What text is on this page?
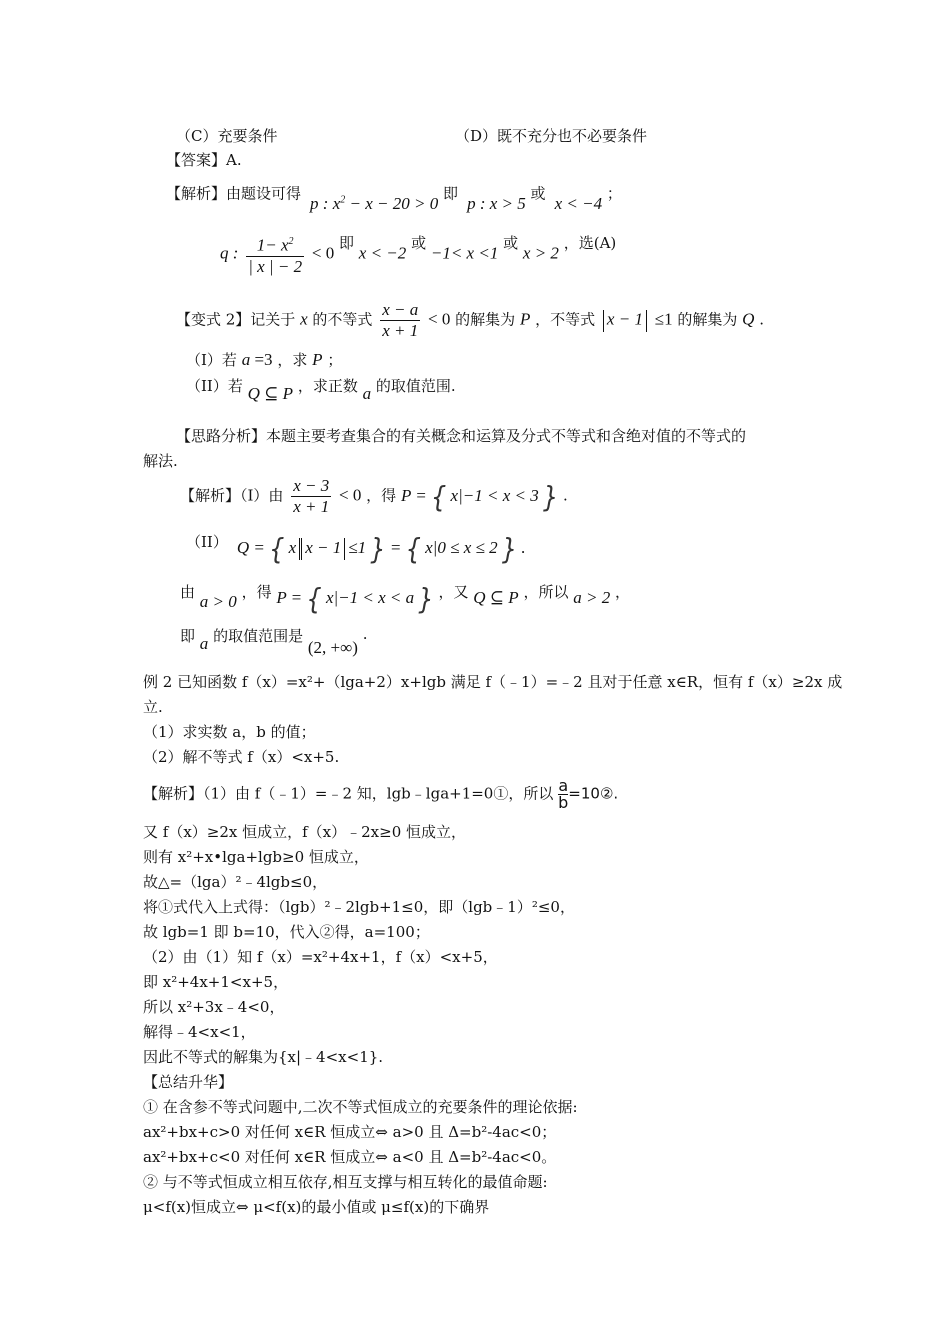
（C）充要条件	（D）既不充分也不必要条件
【答案】A.
【解析】由题设可得  p : $x^2 - x - 20 > 0$ 即  p : x > 5 或  x < −4 ；
q : $\frac{1- x^2}{| x | - 2} < 0$ 即 x < −2 或 −1< x <1 或 x > 2 ，选(A)
【变式 2】记关于 x 的不等式 $\frac{x - a}{x + 1} < 0$ 的解集为 P ，不等式 x − 1 ≤1 的解集为 Q .
（I）若 a =3 ，求 P ；
（II）若 Q ⊆ P ，求正数 a 的取值范围.
【思路分析】本题主要考查集合的有关概念和运算及分式不等式和含绝对值的不等式的
解法.
【解析】（I）由 $\frac{x - 3}{x + 1} < 0$ ，得 P = { x|−1 < x < 3 } .
（II）  Q = { x x − 1 ≤1 } = { x|0 ≤ x ≤ 2 } .
由 a > 0 ，得 P = { x|−1 < x < a } ，又 Q ⊆ P ，所以 a > 2 ，
即 a 的取值范围是 (2, +∞) .
例 2 已知函数 f（x）=x²+（lga+2）x+lgb 满足 f（﹣1）=﹣2 且对于任意 x∈R，恒有 f（x）≥2x 成
立.
（1）求实数 a，b 的值；
（2）解不等式 f（x）<x+5.
【解析】（1）由 f（﹣1）=﹣2 知，lgb﹣lga+1=0①，所以 $\frac{a}{b}$ =10②.
又 f（x）≥2x 恒成立，f（x）﹣2x≥0 恒成立，
则有 x²+x•lga+lgb≥0 恒成立，
故△=（lga）²﹣4lgb≤0，
将①式代入上式得：（lgb）²﹣2lgb+1≤0，即（lgb﹣1）²≤0，
故 lgb=1 即 b=10，代入②得，a=100；
（2）由（1）知 f（x）=x²+4x+1，f（x）<x+5，
即 x²+4x+1<x+5，
所以 x²+3x﹣4<0，
解得﹣4<x<1，
因此不等式的解集为{x|﹣4<x<1}.
【总结升华】
① 在含参不等式问题中,二次不等式恒成立的充要条件的理论依据:
ax²+bx+c>0 对任何 x∈R 恒成立⇔ a>0 且 Δ=b²-4ac<0；
ax²+bx+c<0 对任何 x∈R 恒成立⇔ a<0 且 Δ=b²-4ac<0。
② 与不等式恒成立相互依存,相互支撑与相互转化的最值命题:
μ<f(x)恒成立⇔ μ<f(x)的最小值或 μ≤f(x)的下确界
